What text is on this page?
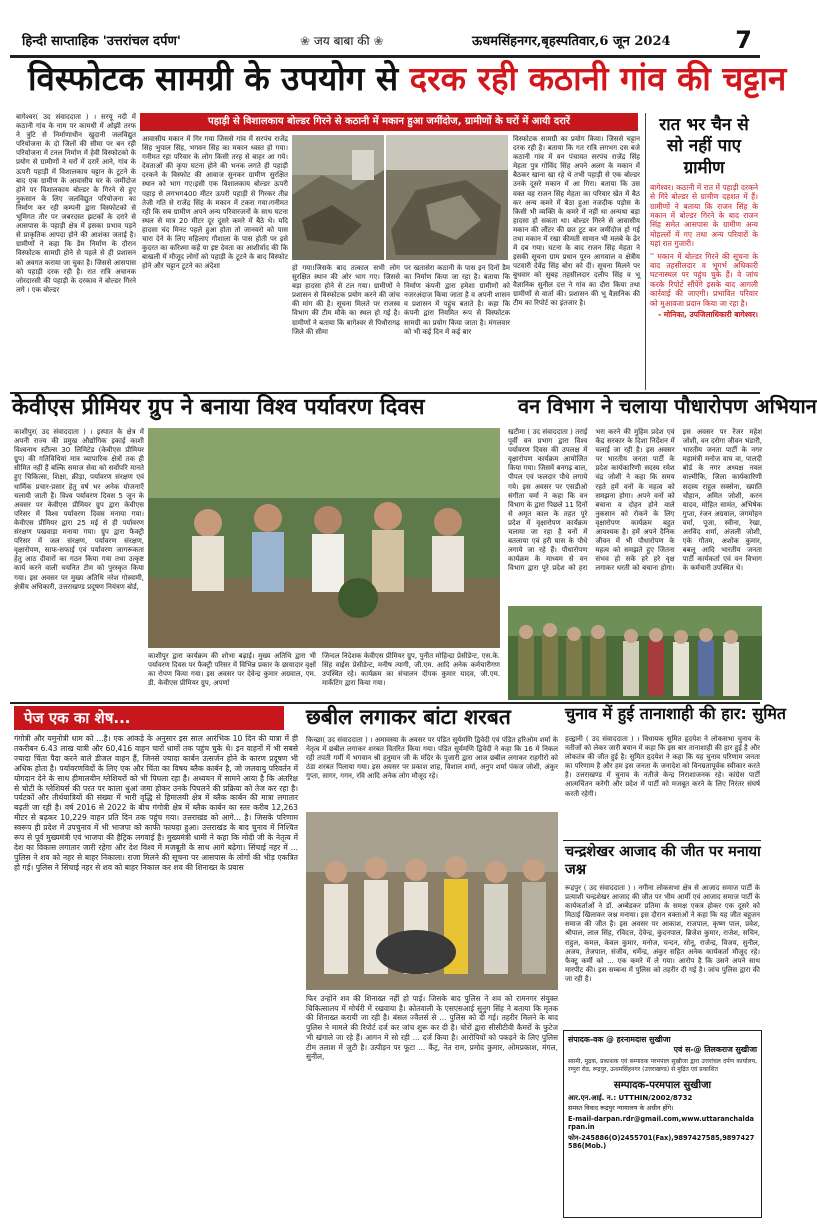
हिन्दी साप्ताहिक 'उत्तरांचल दर्पण'	❀ जय बाबा की ❀	ऊधमसिंहनगर,बृहस्पतिवार,6 जून 2024	7
विस्फोटक सामग्री के उपयोग से दरक रही कठानी गांव की चट्टान
पहाड़ी से विशालकाय बोल्डर गिरने से कठानी में मकान हुआ जमींदोज, ग्रामीणों के घरों में आयी दरारें
बागेश्वर( उद संवाददाता ) । सरयू नदी में कठानी गांव के नाम पर कामधी में ओझी तरफ ने त्रुटि से निर्माणाधीन खुदानी जलविद्युत परियोजना के दो जिलों की सीमा पर बन रही परियोजना में टनल निर्माण में हेवी विस्फोटको के प्रयोग से ग्रामीणों ने घरों में दरारें आने, गांव के ऊपरी पहाड़ी में विशालकाय चट्टान के टूटने के बाद एक ग्रामीण के आवासीय घर के जमींदोज होने पर विशालकाय बोल्डर के गिरने से हुए नुकसान के लिए जलविद्युत परियोजना का निर्माण कर रही कम्पनी द्वारा विस्फोटको से भूमिगत तौर पर जबरदस्त झटकों के दरारे से आसपास के पहाड़ी क्षेत्र में इसका प्रभाव पड़ने से प्राकृतिक आपदा होने की आशंका जताई है।ग्रामीणों ने कहा कि डैम निर्माण के दौरान विस्फोटक सामग्री होने से पहले से ही प्रशासन को अवगत कराया जा चुका है। जिससे आसपास को पहाड़ी दरक रही है। रात रात्रि अचानक जोरदारसी की पहाड़ी के दरकाव ने बोल्डर गिरने लगे । एक बोल्डर
आवासीय मकान में गिर गया जिससे गांव में सरपंच राजेंद्र सिंह भुपाल सिंह, भगवन सिंह का मकान ध्वस्त हो गया। गनीमत रहा परिवार के लोग किसी तरह से बाहर आ गये। देवताओं की कृपा घटना होने की भनक लगते ही पहाड़ी दरकने के विस्फोट की आवाज सुनकर ग्रामीण सुरक्षित स्थान को भाग गए।इसी एक विशालकाय बोल्डर ऊपरी पहाड़ से लगभग400 मीटर ऊपरी पहाड़ी से गिरकर तीव्र तेजी गति से राजेंद्र सिंह के मकान में टकरा गया।गनीमत रही कि सब ग्रामीण अपने अन्य परिवारजनों के साथ घटना स्थल से मात्र 20 मीटर दूर दूसरे कमरे में बैठे थे। यदि हादसा चंद मिनट पहले हुआ होता तो जानवरो को पास चारा देने के लिए महिलाए गौशाला के पास होती पर इसे कुदरत का करिश्मा कहें या इष्ट देवता का आशीर्वाद की कि बाखली में मौजूद लोगों को पहाड़ी के टूटने के बाद विस्फोट होने और चट्टान टूटने का अंदेशा	हो गया।जिसके बाद तत्काल सभी लोग सुरक्षित स्थान की ओर भाग गए। जिससे बड़ा हादसा होने से टल गया। ग्रामीणों ने प्रशासन से विस्फोटक प्रयोग करने की जांच की मांग की है। सूचना मिलते पर राजस्व विभाग की टीम मौके का स्थल हो गई है। ग्रामीणों ने बताया कि बागेश्वर से पिथौरागढ़ जिले की सीमा
पर खतासेरा कठानी के पास इन दिनों डैम का निर्माण किया जा रहा है। बताया कि निर्माण कंपनी द्वारा हमेशा ग्रामीणों को नजरअंदाज किया जाता है व अपनी शासन व प्रशासन में पहुंच बताते है। कहा कि कंपनी द्वारा नियमित रूप से विस्फोटक सामग्री का प्रयोग किया जाता है। मंगलवार को भी कई दिन में कई बार
विस्फोटक सामग्री का प्रयोग किया। जिससे चट्टान दरक रही है। बताया कि गत रात्रि लगभग दस बजे कठानी गांव में वन पंचायत सरपंच राजेंद्र सिंह मेहता पुत्र गोविंद सिंह अपने अलग के मकान में बैठकर खाना खा रहे थे तभी पहाड़ी से एक बोल्डर उनके दूसरे मकान में आ गिरा। बताया कि उस वक्त वह राजन सिंह मेहता का परिवार खेत में बैठ कर अन्य कमरे में बैठा हुआ नजदीक पड़ोस के किसी भी व्यक्ति के कमरे में नहीं था अन्यथा बड़ा हादसा हो सकता था। बोल्डर गिरने से आवासीय मकान की लौंटर की छत टूट कर जमींदोज हो गई तथा मकान में रखा कीमती सामान भी मलबे के ढेर में दब गया। घटना के बाद राजन सिंह मेहता ने इसकी सूचना ग्राम प्रधान पूरन आगवाल व क्षेत्रीय पटवारी देवेंद्र सिंह बोरा को दी। सूचना मिलने पर बुधवार को सुबह तहसीलदार दलीप सिंह व भू वैज्ञानिक सुनील दत्त ने गांव का दौरा किया तथा ग्रामीणों से वार्ता की। प्रशासन की भू वैज्ञानिक की टीम का रिपोर्ट का इंतजार है।
रात भर चैन से सो नहीं पाए ग्रामीण
बागेश्वर। कठानी में रात में पहाड़ी दरकने से गिरे बोल्डर से ग्रामीण दहशत में हैं। ग्रामीणों ने बताया कि राजन सिंह के मकान में बोल्डर गिरने के बाद राजन सिंह समेत आसपास के ग्रामीण अन्य मोहल्लों में गए तथा अन्य परिवारों के यहां रात गुजारी।
'' मकान में बोल्डर गिरने की सूचना के बाद तहसीलदार व भूगर्भ अधिकारी घटनास्थल पर पहुंच चुके हैं। वे जांच करके रिपोर्ट सौंपेंगे इसके बाद आगली कार्रवाई की जाएगी। प्रभावित परिवार को मुआवजा प्रदान किया जा रहा है।
- मोनिका, उपजिलाधिकारी बागेश्वर।
केवीएस प्रीमियर ग्रुप ने बनाया विश्व पर्यावरण दिवस
काशीपुर( उद संवाददाता ) । इस्पात के क्षेत्र में अपनी राज्य की प्रमुख औद्योगिक इकाई काशी विश्वनाथ स्टील्स 30 लिमिटेड (केवीएस प्रीमियर ग्रुप) की गतिविधियां मात्र व्यापारिक क्षेत्रों तक ही सीमित नहीं हैं बल्कि समाज सेवा को सर्वोपरि मानते हुए चिकित्सा, शिक्षा, क्रीड़ा, पर्यावरण संरक्षण एवं धार्मिक प्रचार-प्रसार हेतु वर्ष भर अनेक योजनाएँ चलायी जाती हैं। विश्व पर्यावरण दिवस 5 जून के अवसर पर केवीएस प्रीमियर ग्रुप द्वारा केवीएस परिसर में विश्व पर्यावरण दिवस मनाया गया। केवीएस प्रीमियर द्वारा 25 मई से ही पर्यावरण संरक्षण पखवाड़ा मनाया गया। ग्रुप द्वारा फैक्ट्री परिसर में जल संरक्षण, पर्यावरण संरक्षण, वृक्षारोपण, साफ-सफाई एवं पर्यावरण जागरूकता हेतु आठ दीवारों का गठन किया गया तथा उत्कृष्ट कार्य करने वाली चयनित टीम को पुरस्कृत किया गया। इस अवसर पर मुख्य अतिथि नरेश गोस्वामी, क्षेत्रीय अधिकारी, उत्तराखण्ड प्रदूषण नियंत्रण बोर्ड,
काशीपुर द्वारा कार्यक्रम की शोभा बढ़ाई। मुख्य अतिथि द्वारा भी पर्यावरण दिवस पर फैक्ट्री परिसर में विभिन्न प्रकार के छायादार वृक्षों का रोपण किया गया। इस अवसर पर देवेन्द्र कुमार अग्रवाल, एम. डी. केवीएस प्रीमियर ग्रुप, अपर्णा
जिन्दल निदेशक केवीएस प्रीमियर ग्रुप, पुनीत मोहिन्द्रा प्रेसीडेन्ट, एस.के. सिंह वाईस प्रेसीडेन्ट, मनीष त्यागी, जी.एम. आदि अनेक कर्मचारीगण उपस्थित रहे। कार्यक्रम का संचालन दीपक कुमार यादव, जी.एम. मार्केटिंग द्वारा किया गया।
वन विभाग ने चलाया पौधारोपण अभियान
खटीमा ( उद संवाददाता ) तराई पूर्वी वन प्रभाग द्वारा विश्व पर्यावरण दिवस की उपलक्ष में वृक्षारोपण कार्यक्रम आयोजित किया गया। जिसमें बनगढ़ बाल, पीपल एवं फलदार पौधे लगाये गये। इस अवसर पर एसडीओ संगीता वर्मा ने कहा कि वन विभाग के द्वारा पिछले 11 दिनों से अमृत काल के तहत पूरे प्रदेश में वृक्षारोपण कार्यक्रम चलाया जा रहा है वनों में बतलाया एवं हरी घास के पौधे लगाये जा रहे हैं। पौधारोपण कार्यक्रम के माध्यम से वन विभाग द्वारा पूरे प्रदेश को हरा भरा करने की मुहिम प्रदेश एवं केंद्र सरकार के दिशा निर्देशन में चलाई जा रही है। इस अवसर पर भारतीय जनता पार्टी के प्रदेश कार्यकारिणी सदस्य रमेश चंद्र जोशी ने कहा कि समय रहते हमें वनों के महत्व को समझना होगा। अपने वनों को बचाना व दोहन होने वाले नुकसान को रोकने के लिए वृक्षारोपण कार्यक्रम बहुत आवश्यक है। हमें अपने दैनिक जीवन में भी पौधारोपण के महत्व को समझते हुए जितना संभव हो सके हरे हरे वृक्ष लगाकर धरती को बचाना होगा। इस अवसर पर रेंजर महेश जोशी, वन दरोगा जीवन भंडारी, भारतीय जनता पार्टी के नगर महामंत्री मनोज वाघ वा, पालदी बोर्ड के नगर अध्यक्ष नवल वाल्मीकि, जिला कार्यकारिणी सदस्य राहुल सक्सेना, ख्याति चौहान, अमित जोशी, करन यादव, मोहित सामंत, अभिषेक गुप्ता, रंजन अग्रवाल, जगमोहन वर्मा, पूजा, स्वीना, रेखा, अरविंद शर्मा, अंजली जोशी, एके गौतम, अशोक कुमार, बबलू आदि भारतीय जनता पार्टी कार्यकर्ता एवं वन विभाग के कर्मचारी उपस्थित थे।
पेज एक का शेष...
गंगोत्री और यमुनोत्री धाम को ...है। एक आंकड़े के अनुसार इस साल आरंभिक 10 दिन की यात्रा में ही तकरीबन 6.43 लाख यात्री और 60,416 वाहन चारों धामों तक पहुंच चुके थे। इन वाहनों में भी सबसे ज्यादा चिंता पैदा करने वाले डीजल वाहन हैं, जिनसे ज्यादा कार्बन उत्सर्जन होने के कारण प्रदूषण भी अधिक होता है। पर्यावरणविदों के लिए एक और चिंता का विषय ब्लैक कार्बन है, जो जलवायु परिवर्तन में योगदान देने के साथ हीमालयीन ग्लेशियरों को भी पिघला रहा है। अध्ययन में सामने आया है कि अंतरिक्ष से चोटी के ग्लेशियर्स की परत पर काला धुआं जमा होकर उनके पिघलने की प्रक्रिया को तेज कर रहा है। पर्यटकों और तीर्थयात्रियों की संख्या में भारी वृद्धि से हिमालयी क्षेत्र में ब्लैक कार्बन की मात्रा लगातार बढ़ती जा रही है। वर्ष 2016 से 2022 के बीच गंगोत्री क्षेत्र में ब्लैक कार्बन का स्तर करीब 12,263 मीटर से बढ़कर 10,229 वाहन प्रति दिन तक पहुंच गया। उत्तराखंड को आगे... है। जिसके परिणाम स्वरूप ही प्रदेश में उपचुनाव में भी भाजपा को काफी फायदा हुआ। उत्तराखंड के बाद चुनाव में निश्चित रूप से पूर्व मुख्यमंत्री एवं भाजपा की हैट्रिक लगवाई है। मुख्यमंत्री धामी ने कहा कि मोदी जी के नेतृत्व में देश का विकास लगातार जारी रहेगा और देश विश्व में मजबूती के साथ आगे बढ़ेगा। सिंचाई नहर में ... पुलिस ने शव को नहर से बाहर निकाला। राजा मिलने की सूचना पर आसपास के लोगों की भीड़ एकत्रित हो गई। पुलिस ने सिंचाई नहर से शव को बाहर निकाल कर शव की शिनाख्त के प्रयास
छबील लगाकर बांटा शरबत
किच्छा( उद संवाददाता ) । अमावस्या के अवसर पर पंडित सूर्यमणि द्विवेदी एवं पंडित हरिओम शर्मा के नेतृत्व में छबील लगाकर शरबत वितरित किया गया। पंडित सूर्यमणि द्विवेदी ने कहा कि 16 मे निकल रही तपती गर्मी में भगवान श्री हनुमान जी के मंदिर के पुजारी द्वारा आज छबील लगाकर राहगीरों को ठंडा शरबत पिलाया गया। इस अवसर पर प्रकाश शाह, विशाल शर्मा, अनुप शर्मा पंकज जोशी, अंकुर गुप्ता, सागर, गगन, रवि आदि अनेक लोग मौजूद रहे।
फिर उन्होंने शव की शिनाख्त नहीं हो पाई। जिसके बाद पुलिस ने शव को रामनगर संयुक्त चिकित्सालय में मोर्चरी में रखवाया है। कोतवाली के एसएसआई सुनुग सिंह ने बताया कि मृतक की शिनाख्त करायी जा रही है। बंसल ज्वैलर्स से ... पुलिस को दी गई। तहरीर मिलने के बाद पुलिस ने मामले की रिपोर्ट दर्ज कर जांच शुरू कर दी है। चोरों द्वारा सीसीटीवी कैमरों के फुटेज भी खंगाले जा रहे हैं। आगन में सो रही ... दर्ज किया है। आरोपियों को पकड़ने के लिए पुलिस टीम तलाश में जुटी है। उत्पीड़न पर फूटा ... कैंट्र, नेत राम, प्रमोद कुमार, ओमप्रकाश, मंगल, सुनील,
चुनाव में हुई तानाशाही की हार: सुमित
हल्द्वानी ( उद संवाददाता ) । विधायक सुमित हृदयेश ने लोकसभा चुनाव के नतीजों को लेकर जारी बयान में कहा कि इस बार तानाशाही की हार हुई है और लोकतंत्र की जीत हुई है। सुमित हृदयेश ने कहा कि यह चुनाव परिणाम जनता का परिणाम है और हम इस जनता के जनादेश को विनम्रतापूर्वक स्वीकार करते है। उत्तराखण्ड में चुनाव के नतीजे केन्द्र निराशाजनक रहे। कांग्रेस पार्टी आत्मचिंतन करेगी और प्रदेश में पार्टी को मजबूत करने के लिए निरंतर संघर्ष करती रहेगी।
चन्द्रशेखर आजाद की जीत पर मनाया जश्न
रूद्रपुर ( उद संवाददाता ) । नगीना लोकसभा क्षेत्र से आजाद समाज पार्टी के प्रत्याशी चन्द्रशेखर आजाद की जीत पर भीम आर्मी एवं आजाद समाज पार्टी के कार्यकर्ताओं ने डॉ. अम्बेडकर प्रतिमा के समक्ष एकत्र होकर एक दूसरे को मिठाई खिलाकर जश्न मनाया। इस दौरान वक्ताओं ने कहा कि यह जीत बहुजन समाज की जीत है। इस अवसर पर आकाश, राजपाल, कृष्ण पाल, प्रवेश, श्रीपाल, लाल सिंह, रविदत्त, देवेन्द्र, कुंदनपाल, ब्रिजेश कुमार, राजेश, सचिन, राहुल, कमल, केवल कुमार, मनोज, चन्दन, सोनू, राजेन्द्र, विजय, सुनील, अजय, तेजपाल, संजीव, धर्मेन्द्र, अंकुर सहित अनेक कार्यकर्ता मौजूद रहे। फैक्टू कर्मी को ... एक कमरे में ले गया। आरोप है कि उसने अपने साथ मारपीट की। इस सम्बन्ध में पुलिस को तहरीर दी गई है। जांच पुलिस द्वारा की जा रही है।
संपादक-वक @ हरनामदास सुखीजा
एवं स-@ तिलकराज सुखीजा
स्वामी, मुद्रक, प्रकाशक एवं सम्पादक परमपाल सुखीजा द्वारा उत्तरांचल दर्पण कार्यालय, रम्पुरा रोड, रूद्रपुर, ऊधमसिंहनगर (उत्तराखण्ड) से मुद्रित एवं प्रकाशित
सम्पादक-परमपाल सुखीजा
आर.एन.आई. न.: UTTHIN/2002/8732
समस्त विवाद रूद्रपुर न्यायालय के अधीन होंगे।
E-mail-darpan.rdr@gmail.com,www.uttaranchaldarpan.in
फोन-245886(O)2455701(Fax),9897427585,9897427586(Mob.)
